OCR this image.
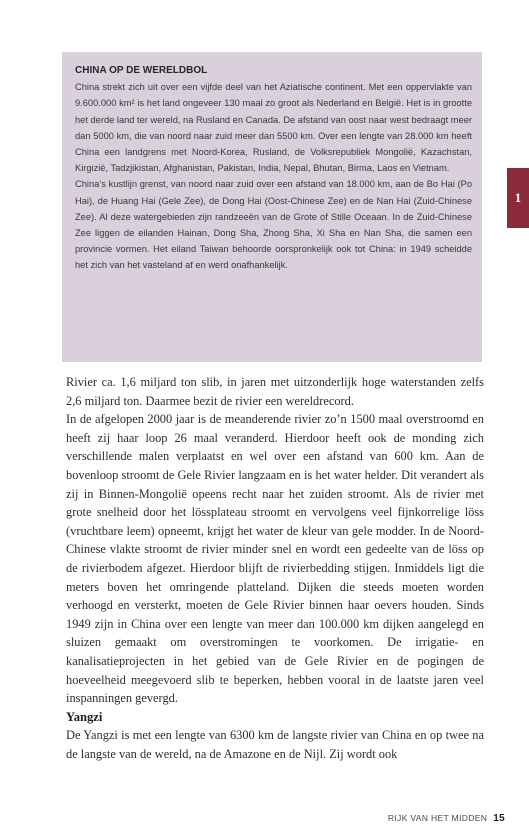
CHINA OP DE WERELDBOL

China strekt zich uit over een vijfde deel van het Aziatische continent. Met een oppervlakte van 9.600.000 km² is het land ongeveer 130 maal zo groot als Nederland en België. Het is in grootte het derde land ter wereld, na Rusland en Canada. De afstand van oost naar west bedraagt meer dan 5000 km, die van noord naar zuid meer dan 5500 km. Over een lengte van 28.000 km heeft China een landgrens met Noord-Korea, Rusland, de Volksrepubliek Mongolië, Kazachstan, Kirgizië, Tadzjikistan, Afghanistan, Pakistan, India, Nepal, Bhutan, Birma, Laos en Vietnam.

China’s kustlijn grenst, van noord naar zuid over een afstand van 18.000 km, aan de Bo Hai (Po Hai), de Huang Hai (Gele Zee), de Dong Hai (Oost-Chinese Zee) en de Nan Hai (Zuid-Chinese Zee). Al deze watergebieden zijn randzeeën van de Grote of Stille Oceaan. In de Zuid-Chinese Zee liggen de eilanden Hainan, Dong Sha, Zhong Sha, Xi Sha en Nan Sha, die samen een provincie vormen. Het eiland Taiwan behoorde oorspronkelijk ook tot China: in 1949 scheidde het zich van het vasteland af en werd onafhankelijk.

1

Rivier ca. 1,6 miljard ton slib, in jaren met uitzonderlijk hoge waterstanden zelfs 2,6 miljard ton. Daarmee bezit de rivier een wereldrecord.

In de afgelopen 2000 jaar is de meanderende rivier zo’n 1500 maal overstroomd en heeft zij haar loop 26 maal veranderd. Hierdoor heeft ook de monding zich verschillende malen verplaatst en wel over een afstand van 600 km. Aan de bovenloop stroomt de Gele Rivier langzaam en is het water helder. Dit verandert als zij in Binnen-Mongolië opeens recht naar het zuiden stroomt. Als de rivier met grote snelheid door het lössplateau stroomt en vervolgens veel fijnkorrelige löss (vruchtbare leem) opneemt, krijgt het water de kleur van gele modder. In de Noord-Chinese vlakte stroomt de rivier minder snel en wordt een gedeelte van de löss op de rivierbodem afgezet. Hierdoor blijft de rivierbedding stijgen. Inmiddels ligt die meters boven het omringende platteland. Dijken die steeds moeten worden verhoogd en versterkt, moeten de Gele Rivier binnen haar oevers houden. Sinds 1949 zijn in China over een lengte van meer dan 100.000 km dijken aangelegd en sluizen gemaakt om overstromingen te voorkomen. De irrigatie- en kanalisatieprojecten in het gebied van de Gele Rivier en de pogingen de hoeveelheid meegevoerd slib te beperken, hebben vooral in de laatste jaren veel inspanningen gevergd.

Yangzi

De Yangzi is met een lengte van 6300 km de langste rivier van China en op twee na de langste van de wereld, na de Amazone en de Nijl. Zij wordt ook

RIJK VAN HET MIDDEN 15
